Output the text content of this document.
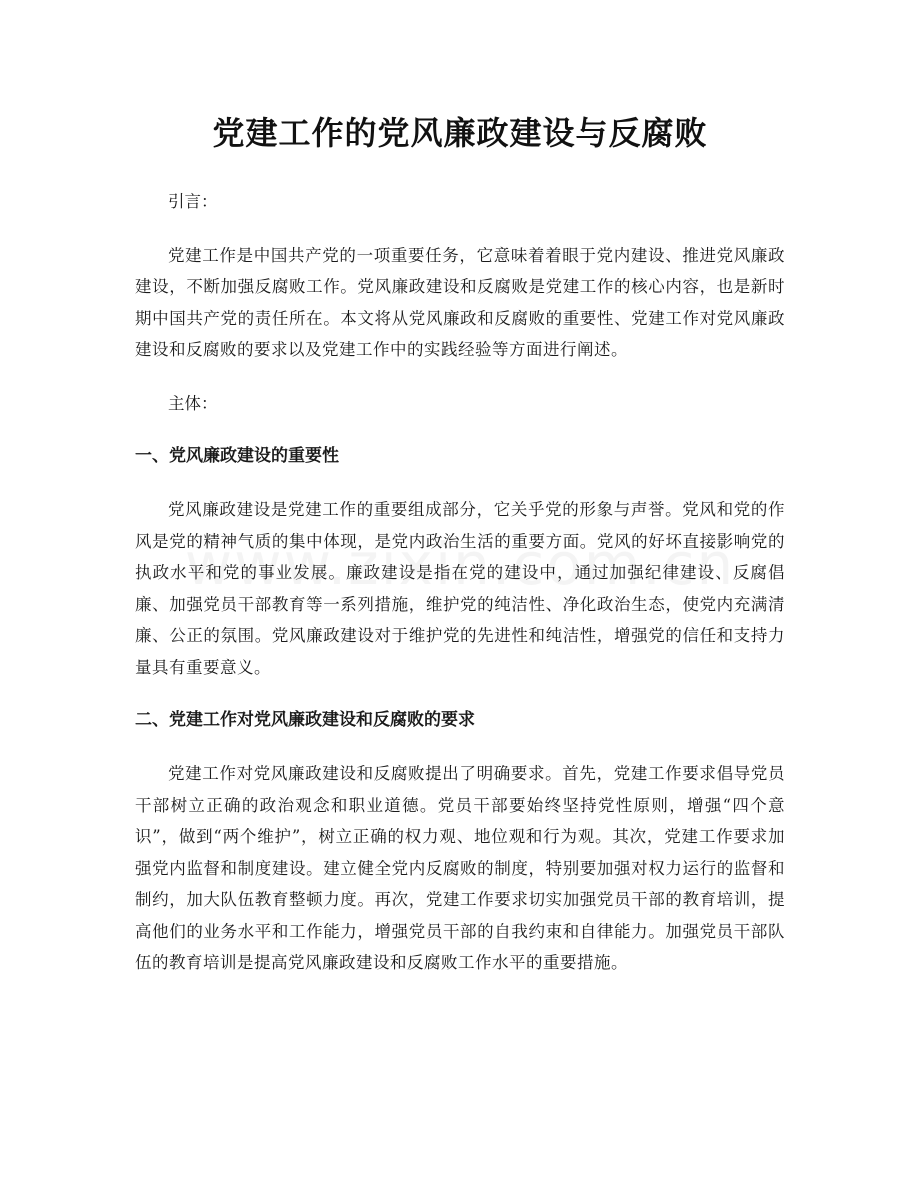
党建工作的党风廉政建设与反腐败

引言：

党建工作是中国共产党的一项重要任务，它意味着着眼于党内建设、推进党风廉政建设，不断加强反腐败工作。党风廉政建设和反腐败是党建工作的核心内容，也是新时期中国共产党的责任所在。本文将从党风廉政和反腐败的重要性、党建工作对党风廉政建设和反腐败的要求以及党建工作中的实践经验等方面进行阐述。

主体：

一、党风廉政建设的重要性

党风廉政建设是党建工作的重要组成部分，它关乎党的形象与声誉。党风和党的作风是党的精神气质的集中体现，是党内政治生活的重要方面。党风的好坏直接影响党的执政水平和党的事业发展。廉政建设是指在党的建设中，通过加强纪律建设、反腐倡廉、加强党员干部教育等一系列措施，维护党的纯洁性、净化政治生态，使党内充满清廉、公正的氛围。党风廉政建设对于维护党的先进性和纯洁性，增强党的信任和支持力量具有重要意义。

二、党建工作对党风廉政建设和反腐败的要求

党建工作对党风廉政建设和反腐败提出了明确要求。首先，党建工作要求倡导党员干部树立正确的政治观念和职业道德。党员干部要始终坚持党性原则，增强“四个意识”，做到“两个维护”，树立正确的权力观、地位观和行为观。其次，党建工作要求加强党内监督和制度建设。建立健全党内反腐败的制度，特别要加强对权力运行的监督和制约，加大队伍教育整顿力度。再次，党建工作要求切实加强党员干部的教育培训，提高他们的业务水平和工作能力，增强党员干部的自我约束和自律能力。加强党员干部队伍的教育培训是提高党风廉政建设和反腐败工作水平的重要措施。
